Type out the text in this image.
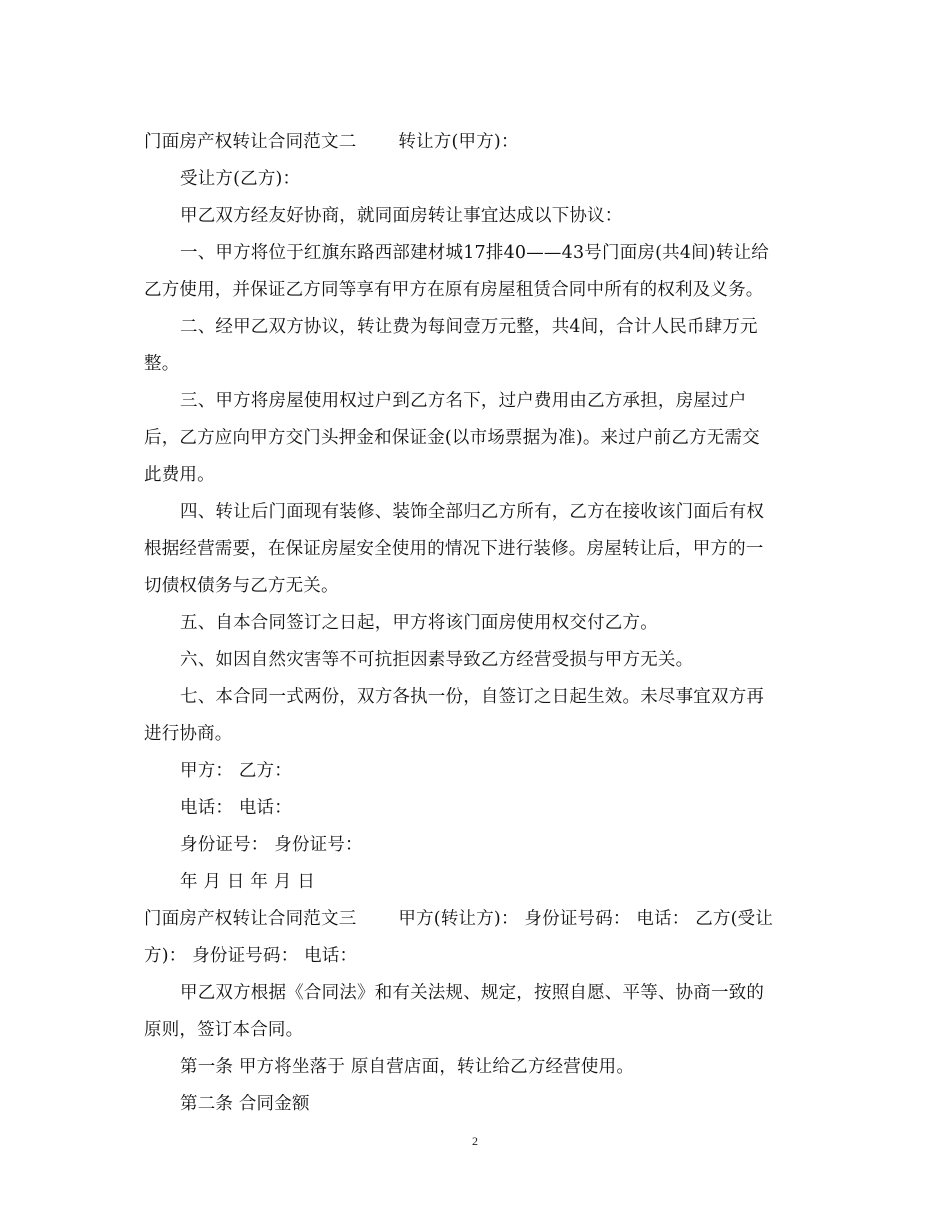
门面房产权转让合同范文二 转让方(甲方)：
受让方(乙方)：
甲乙双方经友好协商，就同面房转让事宜达成以下协议：
一、甲方将位于红旗东路西部建材城17排40——43号门面房(共4间)转让给
乙方使用，并保证乙方同等享有甲方在原有房屋租赁合同中所有的权利及义务。
二、经甲乙双方协议，转让费为每间壹万元整，共4间，合计人民币肆万元
整。
三、甲方将房屋使用权过户到乙方名下，过户费用由乙方承担，房屋过户
后，乙方应向甲方交门头押金和保证金(以市场票据为准)。来过户前乙方无需交
此费用。
四、转让后门面现有装修、装饰全部归乙方所有，乙方在接收该门面后有权
根据经营需要，在保证房屋安全使用的情况下进行装修。房屋转让后，甲方的一
切债权债务与乙方无关。
五、自本合同签订之日起，甲方将该门面房使用权交付乙方。
六、如因自然灾害等不可抗拒因素导致乙方经营受损与甲方无关。
七、本合同一式两份，双方各执一份，自签订之日起生效。未尽事宜双方再
进行协商。
甲方： 乙方：
电话： 电话：
身份证号： 身份证号：
年 月 日 年 月 日
门面房产权转让合同范文三 甲方(转让方)： 身份证号码： 电话： 乙方(受让
方)： 身份证号码： 电话：
甲乙双方根据《合同法》和有关法规、规定，按照自愿、平等、协商一致的
原则，签订本合同。
第一条 甲方将坐落于 原自营店面，转让给乙方经营使用。
第二条 合同金额
2
